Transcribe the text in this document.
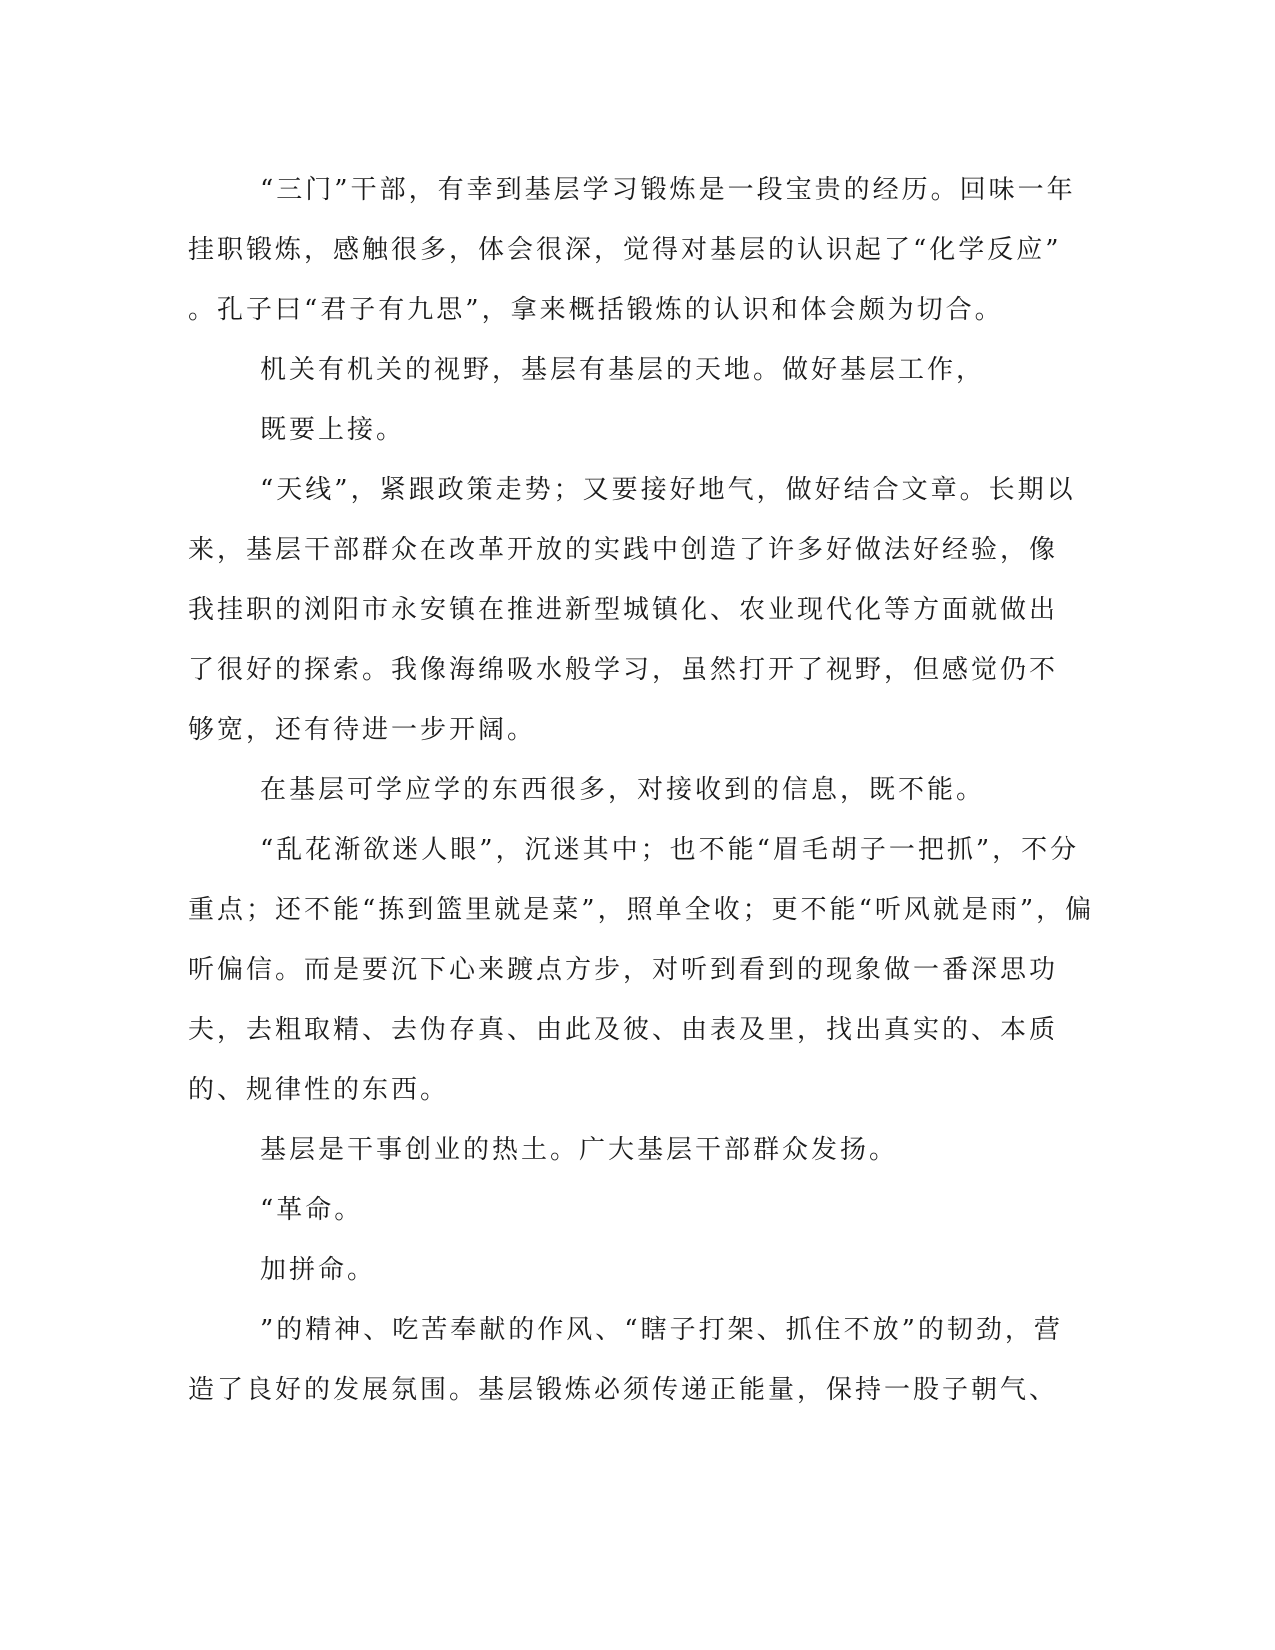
“三门”干部，有幸到基层学习锻炼是一段宝贵的经历。回味一年
挂职锻炼，感触很多，体会很深，觉得对基层的认识起了“化学反应”
。孔子曰“君子有九思”，拿来概括锻炼的认识和体会颇为切合。
机关有机关的视野，基层有基层的天地。做好基层工作，
既要上接。
“天线”，紧跟政策走势；又要接好地气，做好结合文章。长期以
来，基层干部群众在改革开放的实践中创造了许多好做法好经验，像
我挂职的浏阳市永安镇在推进新型城镇化、农业现代化等方面就做出
了很好的探索。我像海绵吸水般学习，虽然打开了视野，但感觉仍不
够宽，还有待进一步开阔。
在基层可学应学的东西很多，对接收到的信息，既不能。
“乱花渐欲迷人眼”，沉迷其中；也不能“眉毛胡子一把抓”，不分
重点；还不能“拣到篮里就是菜”，照单全收；更不能“听风就是雨”，偏
听偏信。而是要沉下心来踱点方步，对听到看到的现象做一番深思功
夫，去粗取精、去伪存真、由此及彼、由表及里，找出真实的、本质
的、规律性的东西。
基层是干事创业的热土。广大基层干部群众发扬。
“革命。
加拼命。
”的精神、吃苦奉献的作风、“瞎子打架、抓住不放”的韧劲，营
造了良好的发展氛围。基层锻炼必须传递正能量，保持一股子朝气、
